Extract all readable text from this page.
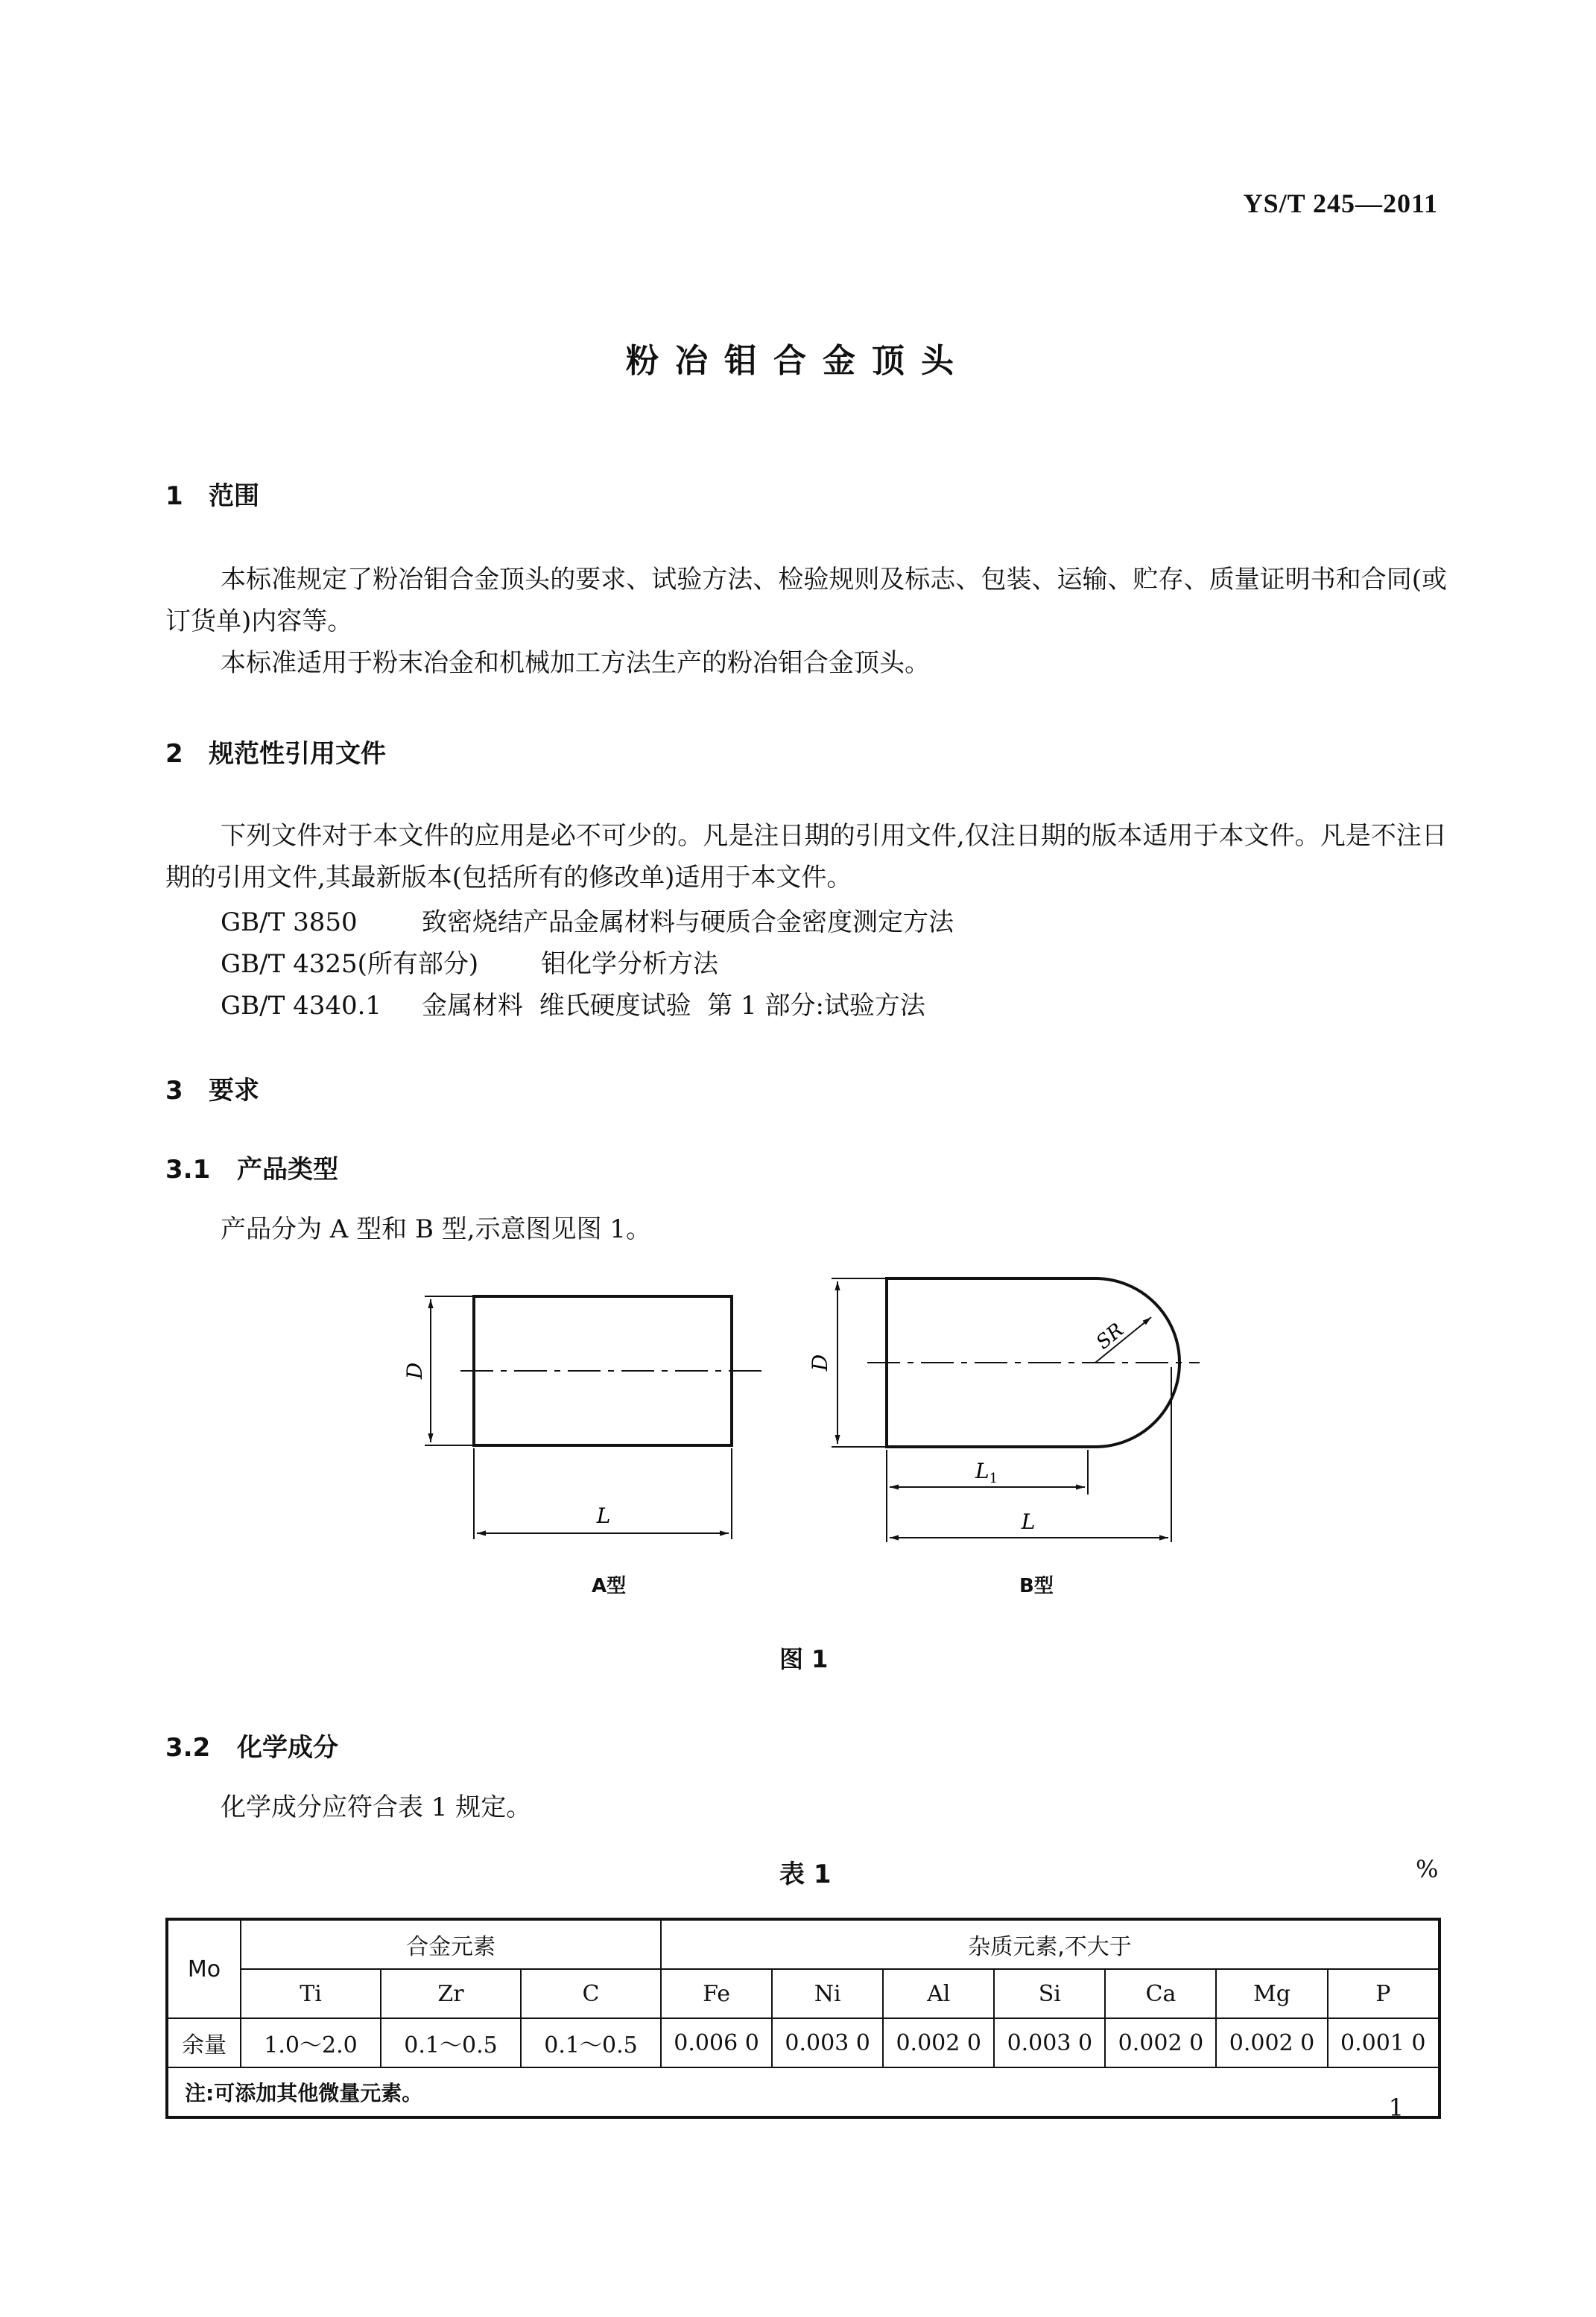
YS/T 245—2011
粉冶钼合金顶头
1 范围
本标准规定了粉冶钼合金顶头的要求、试验方法、检验规则及标志、包装、运输、贮存、质量证明书和合同(或订货单)内容等。
本标准适用于粉末冶金和机械加工方法生产的粉冶钼合金顶头。
2 规范性引用文件
下列文件对于本文件的应用是必不可少的。凡是注日期的引用文件,仅注日期的版本适用于本文件。凡是不注日期的引用文件,其最新版本(包括所有的修改单)适用于本文件。
GB/T 3850	致密烧结产品金属材料与硬质合金密度测定方法
GB/T 4325(所有部分) 钼化学分析方法
GB/T 4340.1 金属材料  维氏硬度试验  第 1 部分:试验方法
3 要求
3.1 产品类型
产品分为 A 型和 B 型,示意图见图 1。
D
L
D
SR
$L_1$
L
A型	B型
图 1
3.2 化学成分
化学成分应符合表 1 规定。
表 1	%
Mo	合金元素			杂质元素,不大于						
	Ti	Zr	C	Fe	Ni	Al	Si	Ca	Mg	P
余量	1.0～2.0	0.1～0.5	0.1～0.5	0.006 0	0.003 0	0.002 0	0.003 0	0.002 0	0.002 0	0.001 0
注:可添加其他微量元素。										
1
